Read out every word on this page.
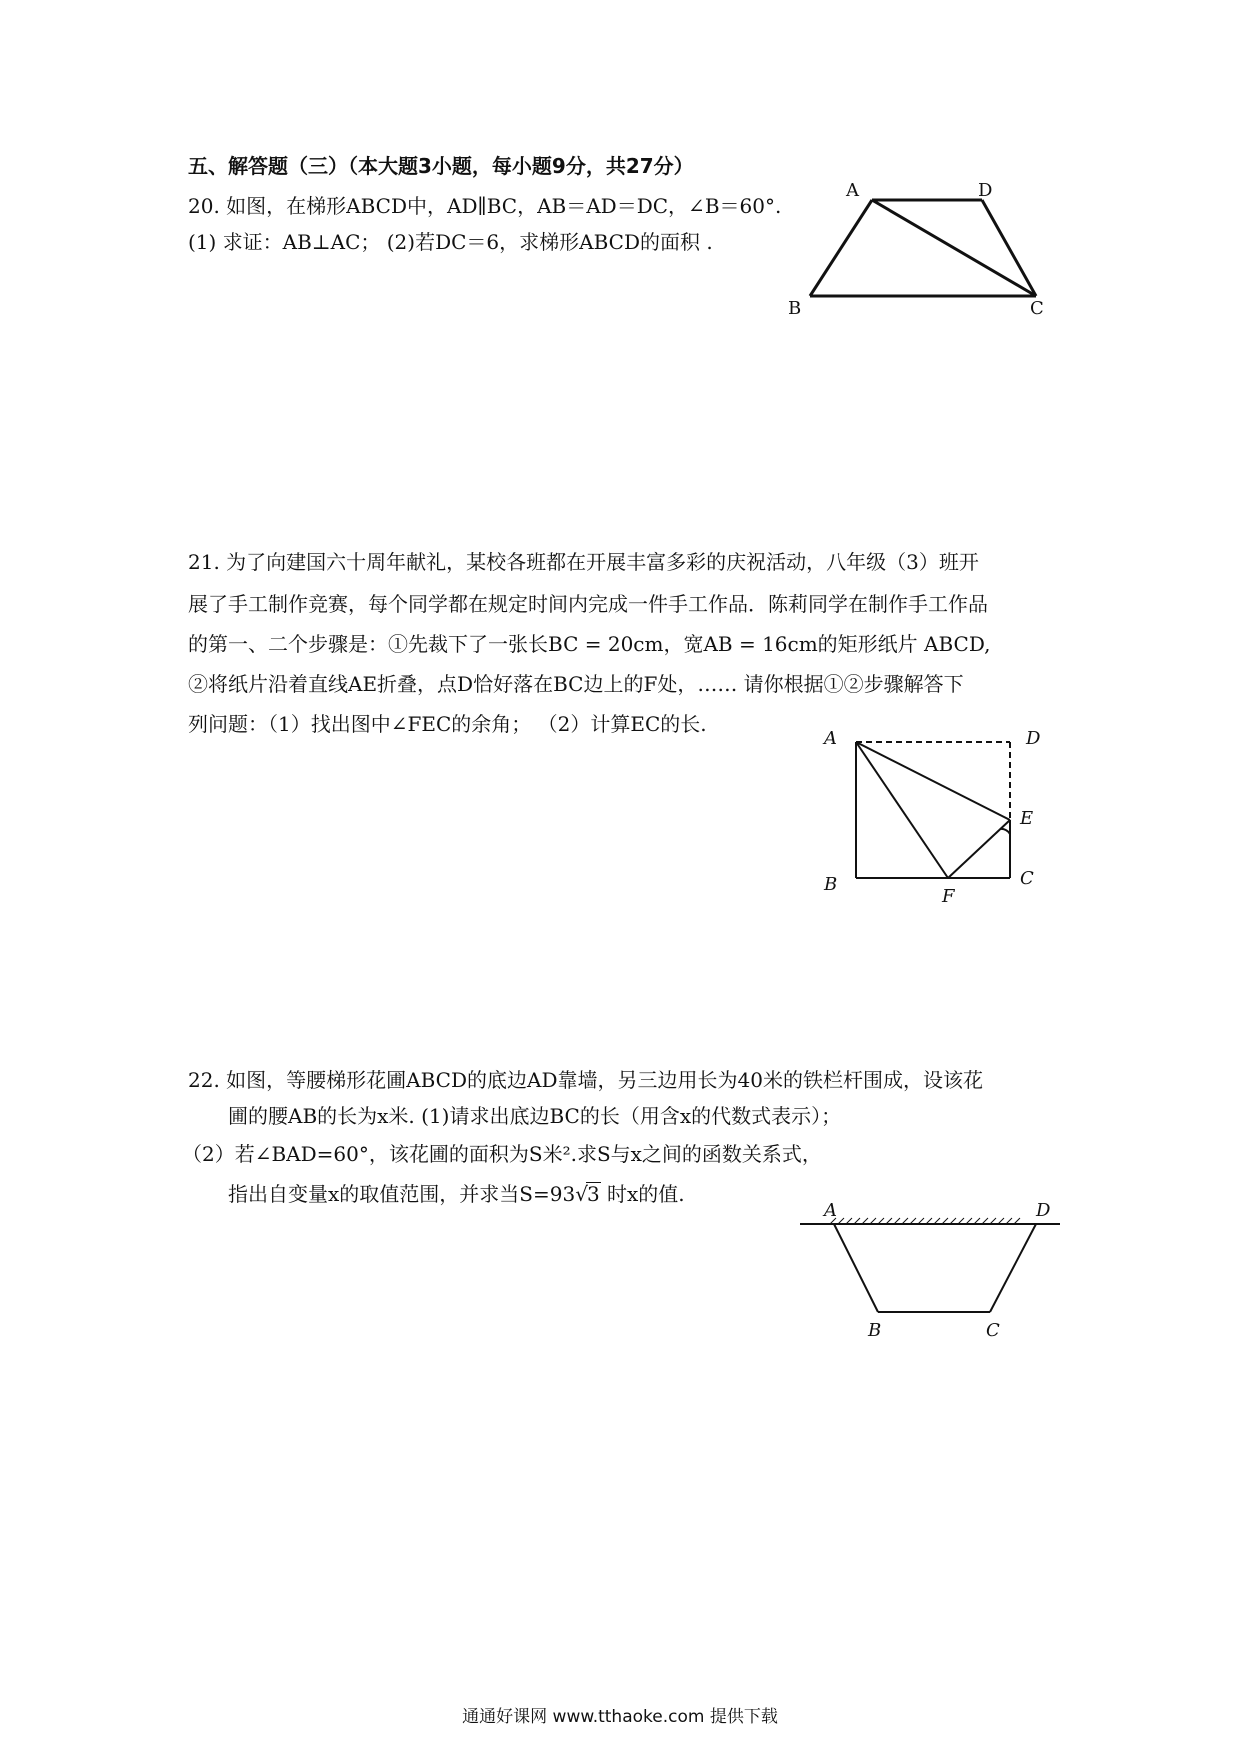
五、解答题（三）（本大题3小题，每小题9分，共27分）
20. 如图，在梯形ABCD中，AD∥BC，AB＝AD＝DC，∠B＝60°.
(1) 求证：AB⊥AC； (2)若DC＝6，求梯形ABCD的面积 .
A	D
B	C
21. 为了向建国六十周年献礼，某校各班都在开展丰富多彩的庆祝活动，八年级（3）班开
展了手工制作竞赛，每个同学都在规定时间内完成一件手工作品．陈莉同学在制作手工作品
的第一、二个步骤是：①先裁下了一张长BC = 20cm，宽AB = 16cm的矩形纸片 ABCD,
②将纸片沿着直线AE折叠，点D恰好落在BC边上的F处，…… 请你根据①②步骤解答下
列问题：（1）找出图中∠FEC的余角； （2）计算EC的长.
A	D
E
B
F
C
22. 如图，等腰梯形花圃ABCD的底边AD靠墙，另三边用长为40米的铁栏杆围成，设该花
圃的腰AB的长为x米. (1)请求出底边BC的长（用含x的代数式表示）；
（2）若∠BAD=60°，该花圃的面积为S米².求S与x之间的函数关系式，
指出自变量x的取值范围，并求当S=93√3 时x的值.
A	D
B	C
通通好课网 www.tthaoke.com 提供下载
